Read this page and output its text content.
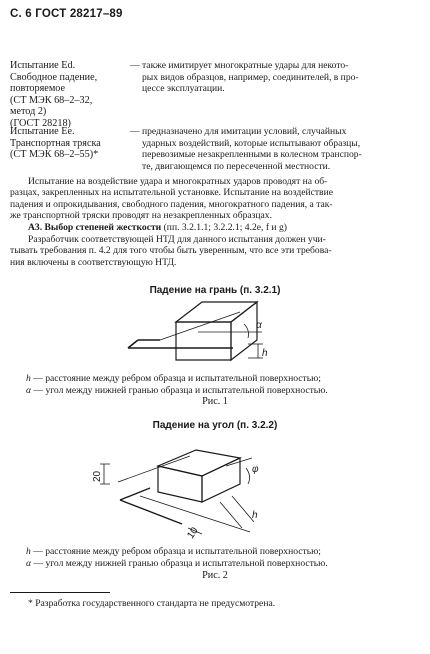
С. 6 ГОСТ 28217–89
Испытание Ed.
Свободное падение,
повторяемое
(СТ МЭК 68–2–32,
метод 2)
(ГОСТ 28218)
— также имитирует многократные удары для некото-
рых видов образцов, например, соединителей, в про-
цессе эксплуатации.
Испытание Ee.
Транспортная тряска
(СТ МЭК 68–2–55)*
— предназначено для имитации условий, случайных
ударных воздействий, которые испытывают образцы,
перевозимые незакрепленными в колесном транспор-
те, двигающемся по пересеченной местности.
Испытание на воздействие удара и многократных ударов проводят на об-
разцах, закрепленных на испытательной установке. Испытание на воздействие
падения и опрокидывания, свободного падения, многократного падения, а так-
же транспортной тряски проводят на незакрепленных образцах.
А3. Выбор степеней жесткости (пп. 3.2.1.1; 3.2.2.1; 4.2е, f и g)
Разработчик соответствующей НТД для данного испытания должен учи-
тывать требования п. 4.2 для того чтобы быть уверенным, что все эти требова-
ния включены в соответствующую НТД.
Падение на грань (п. 3.2.1)
α
h
h — расстояние между ребром образца и испытательной поверхностью;
α — угол между нижней гранью образца и испытательной поверхностью.
Рис. 1
Падение на угол (п. 3.2.2)
20
10
φ
h
h — расстояние между ребром образца и испытательной поверхностью;
α — угол между нижней гранью образца и испытательной поверхностью.
Рис. 2
* Разработка государственного стандарта не предусмотрена.
